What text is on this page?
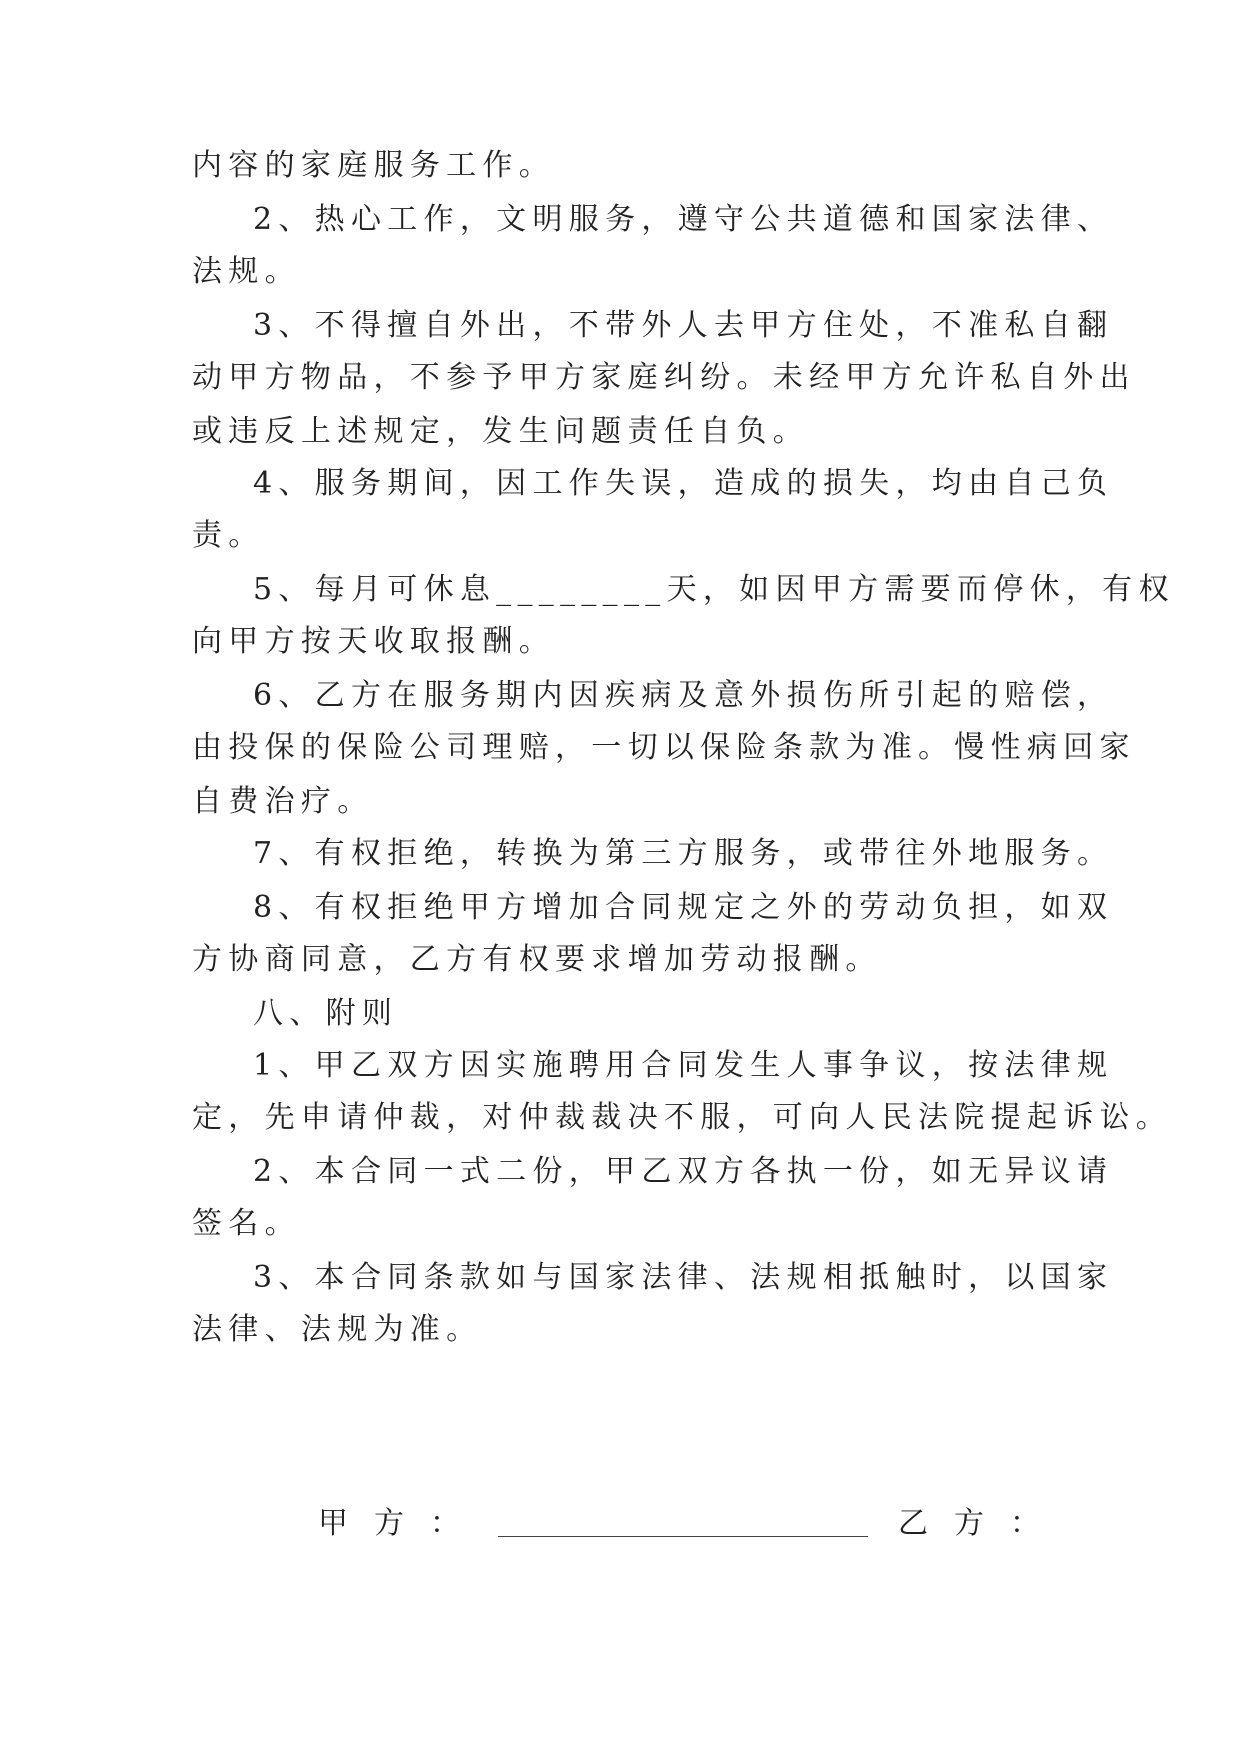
内容的家庭服务工作。
2、热心工作，文明服务，遵守公共道德和国家法律、
法规。
3、不得擅自外出，不带外人去甲方住处，不准私自翻
动甲方物品，不参予甲方家庭纠纷。未经甲方允许私自外出
或违反上述规定，发生问题责任自负。
4、服务期间，因工作失误，造成的损失，均由自己负
责。
5、每月可休息________天，如因甲方需要而停休，有权
向甲方按天收取报酬。
6、乙方在服务期内因疾病及意外损伤所引起的赔偿，
由投保的保险公司理赔，一切以保险条款为准。慢性病回家
自费治疗。
7、有权拒绝，转换为第三方服务，或带往外地服务。
8、有权拒绝甲方增加合同规定之外的劳动负担，如双
方协商同意，乙方有权要求增加劳动报酬。
八、附则
1、甲乙双方因实施聘用合同发生人事争议，按法律规
定，先申请仲裁，对仲裁裁决不服，可向人民法院提起诉讼。
2、本合同一式二份，甲乙双方各执一份，如无异议请
签名。
3、本合同条款如与国家法律、法规相抵触时，以国家
法律、法规为准。
甲方：	乙方：
